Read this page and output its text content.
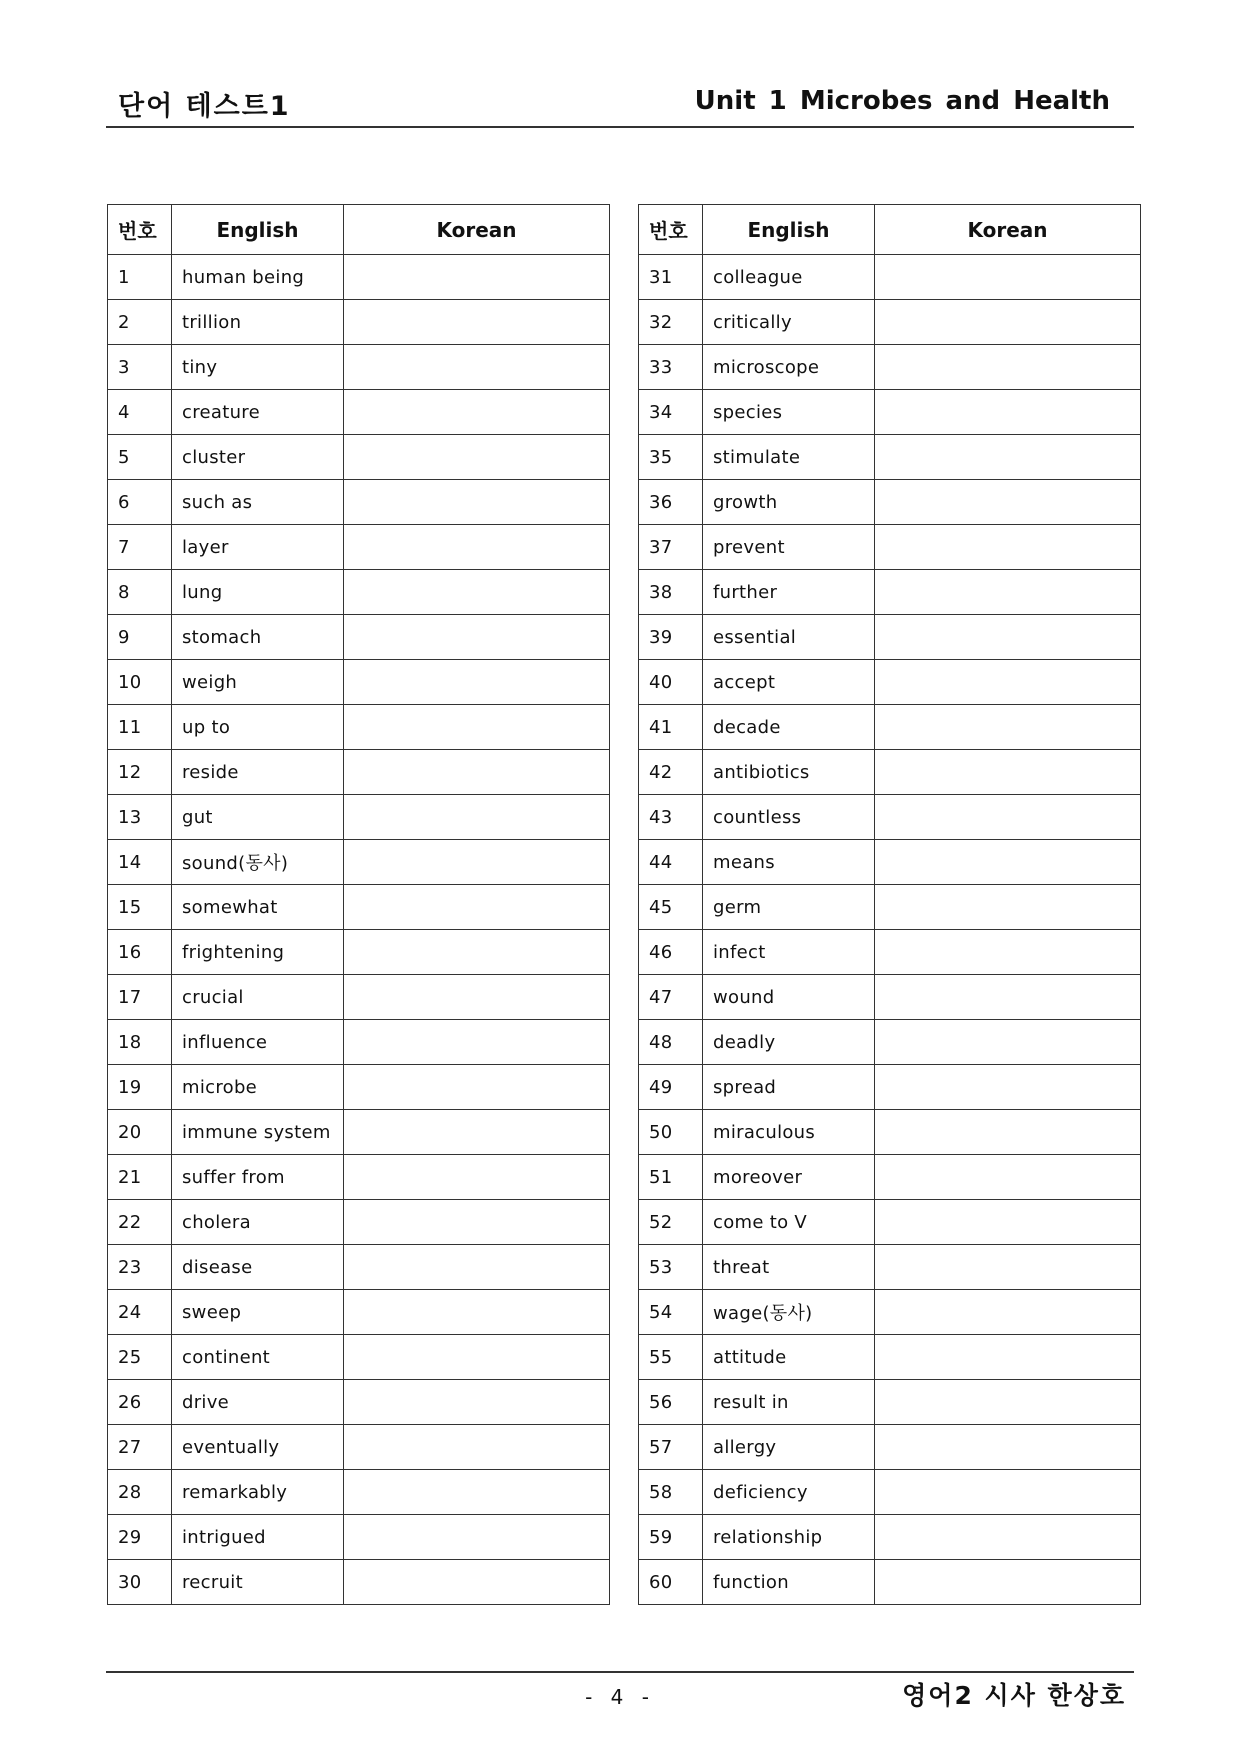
단어 테스트1	Unit 1 Microbes and Health
번호	English	Korean
1	human being	
2	trillion	
3	tiny	
4	creature	
5	cluster	
6	such as	
7	layer	
8	lung	
9	stomach	
10	weigh	
11	up to	
12	reside	
13	gut	
14	sound(동사)	
15	somewhat	
16	frightening	
17	crucial	
18	influence	
19	microbe	
20	immune system	
21	suffer from	
22	cholera	
23	disease	
24	sweep	
25	continent	
26	drive	
27	eventually	
28	remarkably	
29	intrigued	
30	recruit	
번호	English	Korean
31	colleague	
32	critically	
33	microscope	
34	species	
35	stimulate	
36	growth	
37	prevent	
38	further	
39	essential	
40	accept	
41	decade	
42	antibiotics	
43	countless	
44	means	
45	germ	
46	infect	
47	wound	
48	deadly	
49	spread	
50	miraculous	
51	moreover	
52	come to V	
53	threat	
54	wage(동사)	
55	attitude	
56	result in	
57	allergy	
58	deficiency	
59	relationship	
60	function	
- 4 -	영어2 시사 한상호
